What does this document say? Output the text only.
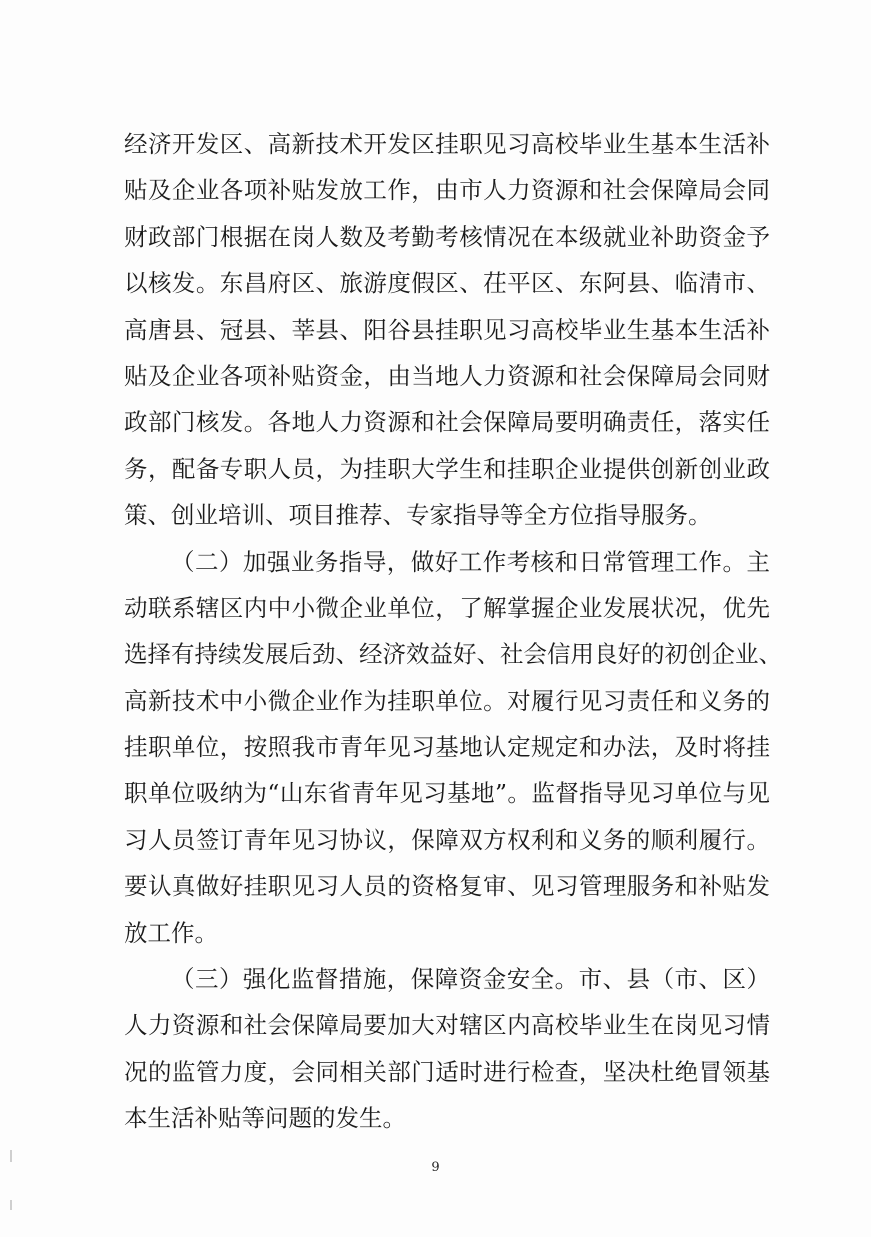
经济开发区、高新技术开发区挂职见习高校毕业生基本生活补
贴及企业各项补贴发放工作，由市人力资源和社会保障局会同
财政部门根据在岗人数及考勤考核情况在本级就业补助资金予
以核发。东昌府区、旅游度假区、茌平区、东阿县、临清市、
高唐县、冠县、莘县、阳谷县挂职见习高校毕业生基本生活补
贴及企业各项补贴资金，由当地人力资源和社会保障局会同财
政部门核发。各地人力资源和社会保障局要明确责任，落实任
务，配备专职人员，为挂职大学生和挂职企业提供创新创业政
策、创业培训、项目推荐、专家指导等全方位指导服务。
（二）加强业务指导，做好工作考核和日常管理工作。主
动联系辖区内中小微企业单位，了解掌握企业发展状况，优先
选择有持续发展后劲、经济效益好、社会信用良好的初创企业、
高新技术中小微企业作为挂职单位。对履行见习责任和义务的
挂职单位，按照我市青年见习基地认定规定和办法，及时将挂
职单位吸纳为“山东省青年见习基地”。监督指导见习单位与见
习人员签订青年见习协议，保障双方权利和义务的顺利履行。
要认真做好挂职见习人员的资格复审、见习管理服务和补贴发
放工作。
（三）强化监督措施，保障资金安全。市、县（市、区）
人力资源和社会保障局要加大对辖区内高校毕业生在岗见习情
况的监管力度，会同相关部门适时进行检查，坚决杜绝冒领基
本生活补贴等问题的发生。
9
